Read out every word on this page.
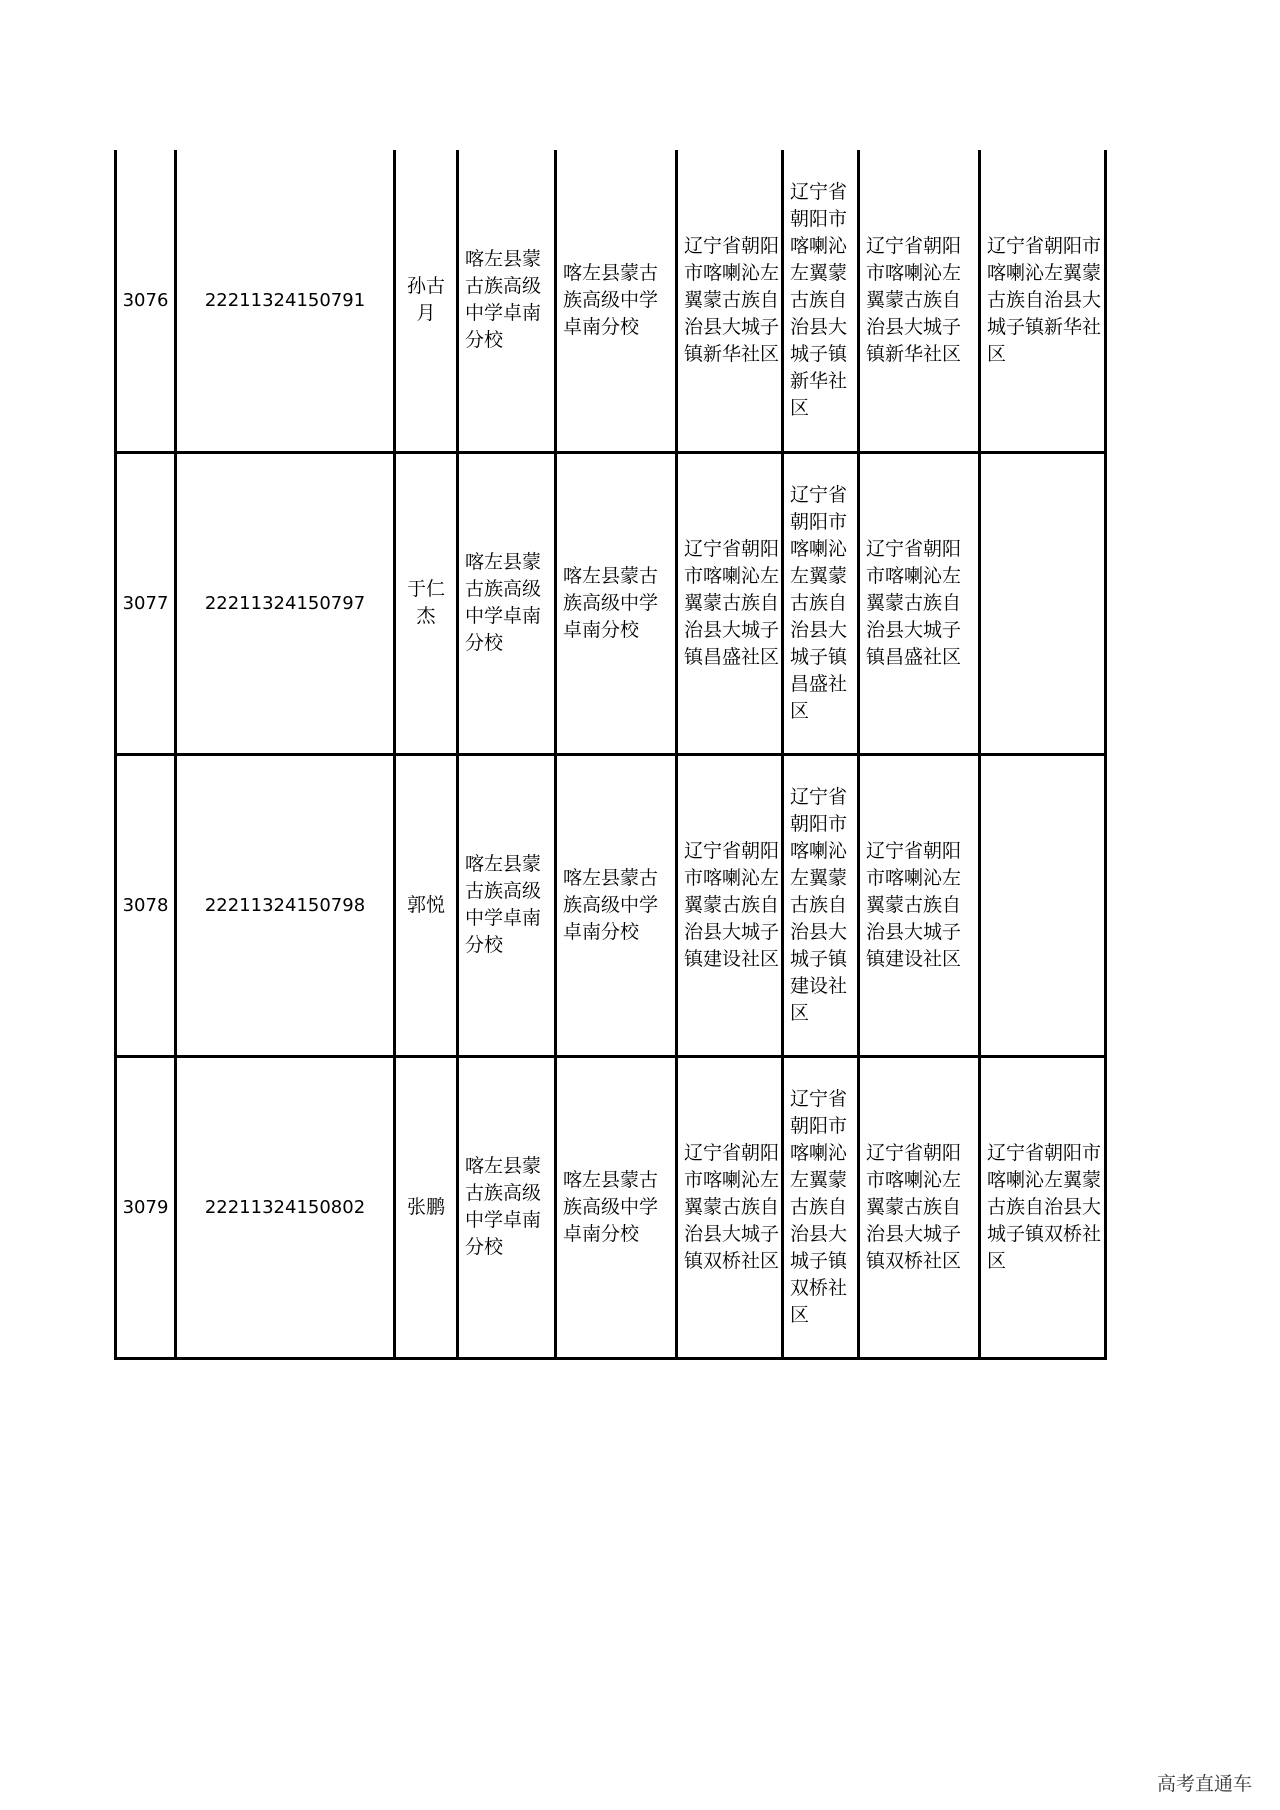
3076	22211324150791	孙古月	喀左县蒙古族高级中学卓南分校	喀左县蒙古族高级中学卓南分校	辽宁省朝阳市喀喇沁左翼蒙古族自治县大城子镇新华社区	辽宁省朝阳市喀喇沁左翼蒙古族自治县大城子镇新华社区	辽宁省朝阳市喀喇沁左翼蒙古族自治县大城子镇新华社区	辽宁省朝阳市喀喇沁左翼蒙古族自治县大城子镇新华社区
3077	22211324150797	于仁杰	喀左县蒙古族高级中学卓南分校	喀左县蒙古族高级中学卓南分校	辽宁省朝阳市喀喇沁左翼蒙古族自治县大城子镇昌盛社区	辽宁省朝阳市喀喇沁左翼蒙古族自治县大城子镇昌盛社区	辽宁省朝阳市喀喇沁左翼蒙古族自治县大城子镇昌盛社区	
3078	22211324150798	郭悦	喀左县蒙古族高级中学卓南分校	喀左县蒙古族高级中学卓南分校	辽宁省朝阳市喀喇沁左翼蒙古族自治县大城子镇建设社区	辽宁省朝阳市喀喇沁左翼蒙古族自治县大城子镇建设社区	辽宁省朝阳市喀喇沁左翼蒙古族自治县大城子镇建设社区	
3079	22211324150802	张鹏	喀左县蒙古族高级中学卓南分校	喀左县蒙古族高级中学卓南分校	辽宁省朝阳市喀喇沁左翼蒙古族自治县大城子镇双桥社区	辽宁省朝阳市喀喇沁左翼蒙古族自治县大城子镇双桥社区	辽宁省朝阳市喀喇沁左翼蒙古族自治县大城子镇双桥社区	辽宁省朝阳市喀喇沁左翼蒙古族自治县大城子镇双桥社区
高考直通车
